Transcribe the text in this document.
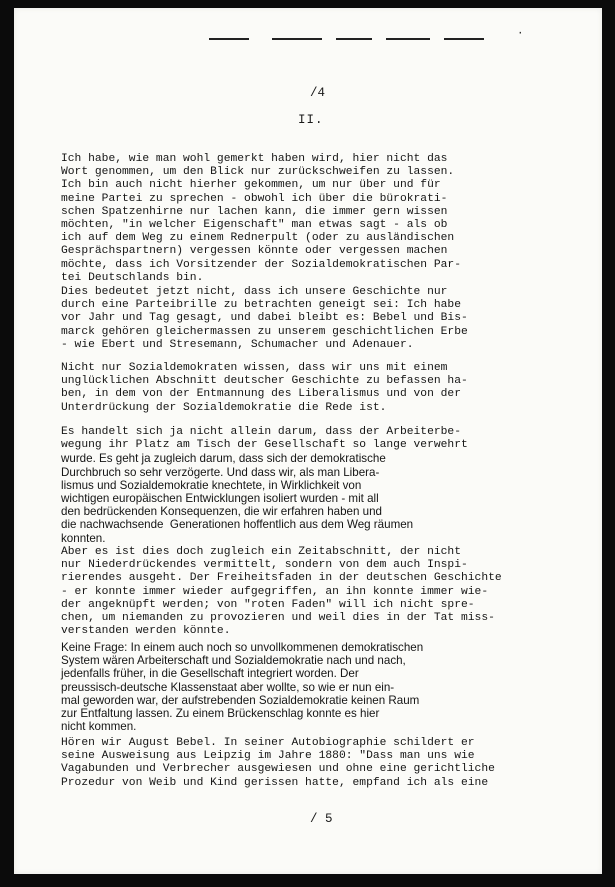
·
/4
II.
Ich habe, wie man wohl gemerkt haben wird, hier nicht das
Wort genommen, um den Blick nur zurückschweifen zu lassen.
Ich bin auch nicht hierher gekommen, um nur über und für
meine Partei zu sprechen - obwohl ich über die bürokrati-
schen Spatzenhirne nur lachen kann, die immer gern wissen
möchten, "in welcher Eigenschaft" man etwas sagt - als ob
ich auf dem Weg zu einem Rednerpult (oder zu ausländischen
Gesprächspartnern) vergessen könnte oder vergessen machen
möchte, dass ich Vorsitzender der Sozialdemokratischen Par-
tei Deutschlands bin.
Dies bedeutet jetzt nicht, dass ich unsere Geschichte nur
durch eine Parteibrille zu betrachten geneigt sei: Ich habe
vor Jahr und Tag gesagt, und dabei bleibt es: Bebel und Bis-
marck gehören gleichermassen zu unserem geschichtlichen Erbe
- wie Ebert und Stresemann, Schumacher und Adenauer.
Nicht nur Sozialdemokraten wissen, dass wir uns mit einem
unglücklichen Abschnitt deutscher Geschichte zu befassen ha-
ben, in dem von der Entmannung des Liberalismus und von der
Unterdrückung der Sozialdemokratie die Rede ist.
Es handelt sich ja nicht allein darum, dass der Arbeiterbe-
wegung ihr Platz am Tisch der Gesellschaft so lange verwehrt
wurde. Es geht ja zugleich darum, dass sich der demokratische
Durchbruch so sehr verzögerte. Und dass wir, als man Libera-
lismus und Sozialdemokratie knechtete, in Wirklichkeit von
wichtigen europäischen Entwicklungen isoliert wurden - mit all
den bedrückenden Konsequenzen, die wir erfahren haben und
die nachwachsende  Generationen hoffentlich aus dem Weg räumen
konnten.
Aber es ist dies doch zugleich ein Zeitabschnitt, der nicht
nur Niederdrückendes vermittelt, sondern von dem auch Inspi-
rierendes ausgeht. Der Freiheitsfaden in der deutschen Geschichte
- er konnte immer wieder aufgegriffen, an ihn konnte immer wie-
der angeknüpft werden; von "roten Faden" will ich nicht spre-
chen, um niemanden zu provozieren und weil dies in der Tat miss-
verstanden werden könnte.
Keine Frage: In einem auch noch so unvollkommenen demokratischen
System wären Arbeiterschaft und Sozialdemokratie nach und nach,
jedenfalls früher, in die Gesellschaft integriert worden. Der
preussisch-deutsche Klassenstaat aber wollte, so wie er nun ein-
mal geworden war, der aufstrebenden Sozialdemokratie keinen Raum
zur Entfaltung lassen. Zu einem Brückenschlag konnte es hier
nicht kommen.
Hören wir August Bebel. In seiner Autobiographie schildert er
seine Ausweisung aus Leipzig im Jahre 1880: "Dass man uns wie
Vagabunden und Verbrecher ausgewiesen und ohne eine gerichtliche
Prozedur von Weib und Kind gerissen hatte, empfand ich als eine
/ 5
